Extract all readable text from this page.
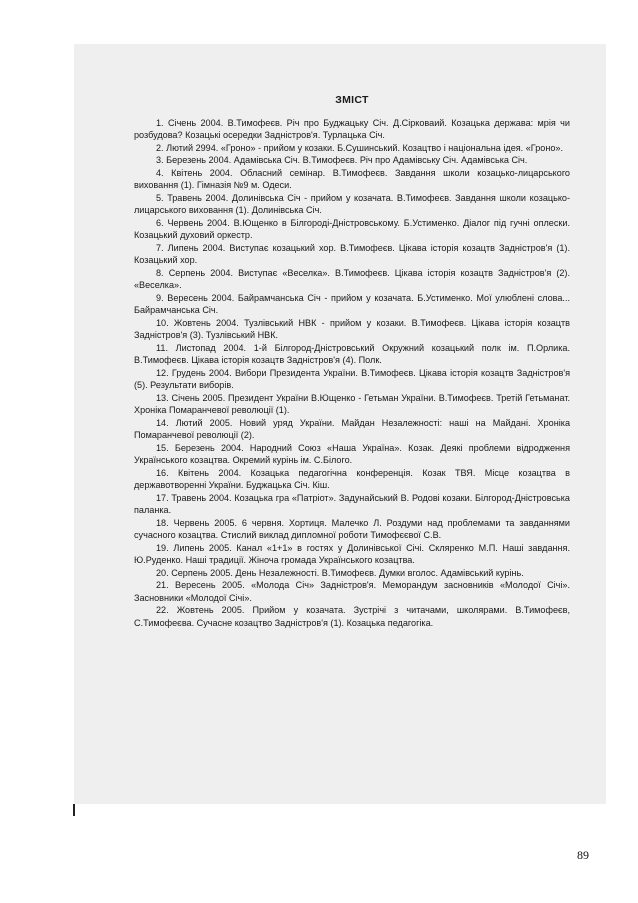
ЗМІСТ

1. Січень 2004. В.Тимофеєв. Річ про Буджацьку Січ. Д.Сірковаий. Козацька держава: мрія чи розбудова? Козацькі осередки Задністров'я. Турлацька Січ.

2. Лютий 2994. «Гроно» - прийом у козаки. Б.Сушинський. Козацтво і національна ідея. «Гроно».

3. Березень 2004. Адамівська Січ. В.Тимофеєв. Річ про Адамівську Січ. Адамівська Січ.

4. Квітень 2004. Обласний семінар. В.Тимофеєв. Завдання школи козацько-лицарського виховання (1). Гімназія №9 м. Одеси.

5. Травень 2004. Долинівська Січ - прийом у козачата. В.Тимофеєв. Завдання школи козацько-лицарського виховання (1). Долинівська Січ.

6. Червень 2004. В.Ющенко в Білгороді-Дністровському. Б.Устименко. Діалог під гучні оплески. Козацький духовий оркестр.

7. Липень 2004. Виступає козацький хор. В.Тимофеєв. Цікава історія козацтв Задністров'я (1). Козацький хор.

8. Серпень 2004. Виступає «Веселка». В.Тимофеєв. Цікава історія козацтв Задністров'я (2). «Веселка».

9. Вересень 2004. Байрамчанська Січ - прийом у козачата. Б.Устименко. Мої улюблені слова... Байрамчанська Січ.

10. Жовтень 2004. Тузлівський НВК - прийом у козаки. В.Тимофеєв. Цікава історія козацтв Задністров'я (3). Тузлівський НВК.

11. Листопад 2004. 1-й Білгород-Дністровський Окружний козацький полк ім. П.Орлика. В.Тимофеєв. Цікава історія козацтв Задністров'я (4). Полк.

12. Грудень 2004. Вибори Президента України. В.Тимофеєв. Цікава історія козацтв Задністров'я (5). Результати виборів.

13. Січень 2005. Президент України В.Ющенко - Гетьман України. В.Тимофеєв. Третій Гетьманат. Хроніка Помаранчевої революції (1).

14. Лютий 2005. Новий уряд України. Майдан Незалежності: наші на Майдані. Хроніка Помаранчевої революції (2).

15. Березень 2004. Народний Союз «Наша Україна». Козак. Деякі проблеми відродження Українського козацтва. Окремий курінь ім. С.Білого.

16. Квітень 2004. Козацька педагогічна конференція. Козак ТВЯ. Місце козацтва в державотворенні України. Буджацька Січ. Кіш.

17. Травень 2004. Козацька гра «Патріот». Задунайський В. Родові козаки. Білгород-Дністровська паланка.

18. Червень 2005. 6 червня. Хортиця. Малечко Л. Роздуми над проблемами та завданнями сучасного козацтва. Стислий виклад дипломної роботи Тимофєєвої С.В.

19. Липень 2005. Канал «1+1» в гостях у Долинівської Січі. Скляренко М.П. Наші завдання. Ю.Руденко. Наші традиції. Жіноча громада Українського козацтва.

20. Серпень 2005. День Незалежності. В.Тимофеєв. Думки вголос. Адамівський курінь.

21. Вересень 2005. «Молода Січ» Задністров'я. Меморандум засновників «Молодої Січі». Засновники «Молодої Січі».

22. Жовтень 2005. Прийом у козачата. Зустрічі з читачами, школярами. В.Тимофеєв, С.Тимофеєва. Сучасне козацтво Задністров'я (1). Козацька педагогіка.

89
